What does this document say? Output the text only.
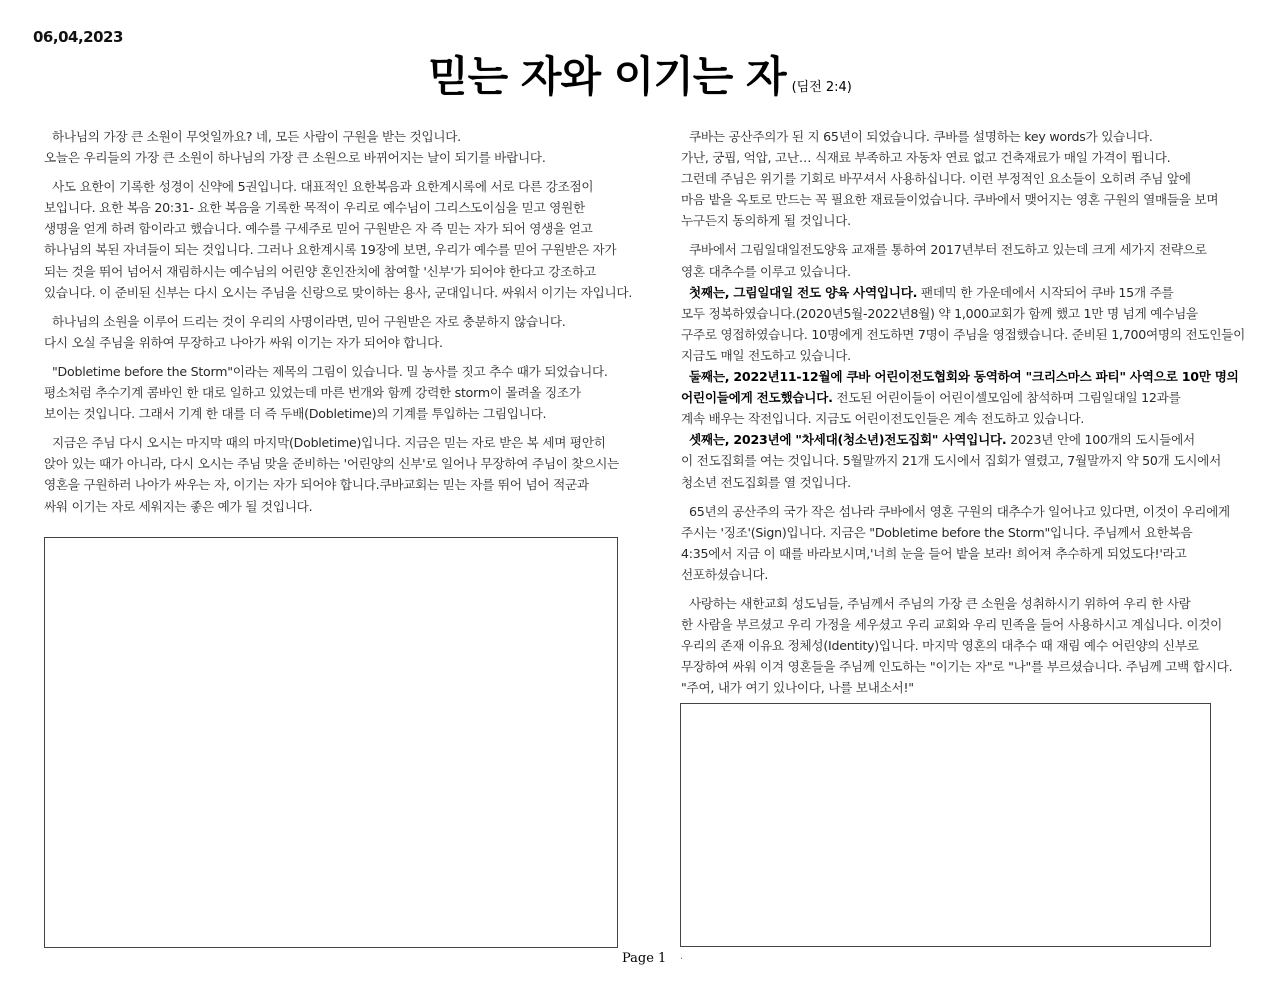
06,04,2023
믿는 자와 이기는 자 (딤전 2:4)

하나님의 가장 큰 소원이 무엇일까요? 네, 모든 사람이 구원을 받는 것입니다.
오늘은 우리들의 가장 큰 소원이 하나님의 가장 큰 소원으로 바뀌어지는 날이 되기를 바랍니다.

사도 요한이 기록한 성경이 신약에 5권입니다. 대표적인 요한복음과 요한계시록에 서로 다른 강조점이
보입니다. 요한 복음 20:31- 요한 복음을 기록한 목적이 우리로 예수님이 그리스도이심을 믿고 영원한
생명을 얻게 하려 함이라고 했습니다. 예수를 구세주로 믿어 구원받은 자 즉 믿는 자가 되어 영생을 얻고
하나님의 복된 자녀들이 되는 것입니다. 그러나 요한계시록 19장에 보면, 우리가 예수를 믿어 구원받은 자가
되는 것을 뛰어 넘어서 재림하시는 예수님의 어린양 혼인잔치에 참여할 '신부'가 되어야 한다고 강조하고
있습니다. 이 준비된 신부는 다시 오시는 주님을 신랑으로 맞이하는 용사, 군대입니다. 싸워서 이기는 자입니다.

하나님의 소원을 이루어 드리는 것이 우리의 사명이라면, 믿어 구원받은 자로 충분하지 않습니다.
다시 오실 주님을 위하여 무장하고 나아가 싸워 이기는 자가 되어야 합니다.

"Dobletime before the Storm"이라는 제목의 그림이 있습니다. 밀 농사를 짓고 추수 때가 되었습니다.
평소처럼 추수기계 콤바인 한 대로 일하고 있었는데 마른 번개와 함께 강력한 storm이 몰려올 징조가
보이는 것입니다. 그래서 기계 한 대를 더 즉 두배(Dobletime)의 기계를 투입하는 그림입니다.

지금은 주님 다시 오시는 마지막 때의 마지막(Dobletime)입니다. 지금은 믿는 자로 받은 복 세며 평안히
앉아 있는 때가 아니라, 다시 오시는 주님 맞을 준비하는 '어린양의 신부'로 일어나 무장하여 주님이 찾으시는
영혼을 구원하러 나아가 싸우는 자, 이기는 자가 되어야 합니다.쿠바교회는 믿는 자를 뛰어 넘어 적군과
싸워 이기는 자로 세워지는 좋은 예가 될 것입니다.

쿠바는 공산주의가 된 지 65년이 되었습니다. 쿠바를 설명하는 key words가 있습니다.
가난, 궁핍, 억압, 고난… 식재료 부족하고 자동차 연료 없고 건축재료가 매일 가격이 뜁니다.
그런데 주님은 위기를 기회로 바꾸셔서 사용하십니다. 이런 부정적인 요소들이 오히려 주님 앞에
마음 밭을 옥토로 만드는 꼭 필요한 재료들이었습니다. 쿠바에서 맺어지는 영혼 구원의 열매들을 보며
누구든지 동의하게 될 것입니다.

쿠바에서 그림일대일전도양육 교재를 통하여 2017년부터 전도하고 있는데 크게 세가지 전략으로
영혼 대추수를 이루고 있습니다.

첫째는, 그림일대일 전도 양육 사역입니다. 팬데믹 한 가운데에서 시작되어 쿠바 15개 주를
모두 정복하였습니다.(2020년5월-2022년8월) 약 1,000교회가 함께 했고 1만 명 넘게 예수님을
구주로 영접하였습니다. 10명에게 전도하면 7명이 주님을 영접했습니다. 준비된 1,700여명의 전도인들이
지금도 매일 전도하고 있습니다.

둘째는, 2022년11-12월에 쿠바 어린이전도협회와 동역하여 "크리스마스 파티" 사역으로 10만 명의
어린이들에게 전도했습니다. 전도된 어린이들이 어린이셀모임에 참석하며 그림일대일 12과를
계속 배우는 작전입니다. 지금도 어린이전도인들은 계속 전도하고 있습니다.

셋째는, 2023년에 "차세대(청소년)전도집회" 사역입니다. 2023년 안에 100개의 도시들에서
이 전도집회를 여는 것입니다. 5월말까지 21개 도시에서 집회가 열렸고, 7월말까지 약 50개 도시에서
청소년 전도집회를 열 것입니다.

65년의 공산주의 국가 작은 섬나라 쿠바에서 영혼 구원의 대추수가 일어나고 있다면, 이것이 우리에게
주시는 '징조'(Sign)입니다. 지금은 "Dobletime before the Storm"입니다. 주님께서 요한복음
4:35에서 지금 이 때를 바라보시며,'너희 눈을 들어 밭을 보라! 희어져 추수하게 되었도다!'라고
선포하셨습니다.

사랑하는 새한교회 성도님들, 주님께서 주님의 가장 큰 소원을 성취하시기 위하여 우리 한 사람
한 사람을 부르셨고 우리 가정을 세우셨고 우리 교회와 우리 민족을 들어 사용하시고 계십니다. 이것이
우리의 존재 이유요 정체성(Identity)입니다. 마지막 영혼의 대추수 때 재림 예수 어린양의 신부로
무장하여 싸워 이겨 영혼들을 주님께 인도하는 "이기는 자"로 "나"를 부르셨습니다. 주님께 고백 합시다.
"주여, 내가 여기 있나이다, 나를 보내소서!"

Page 1 .
